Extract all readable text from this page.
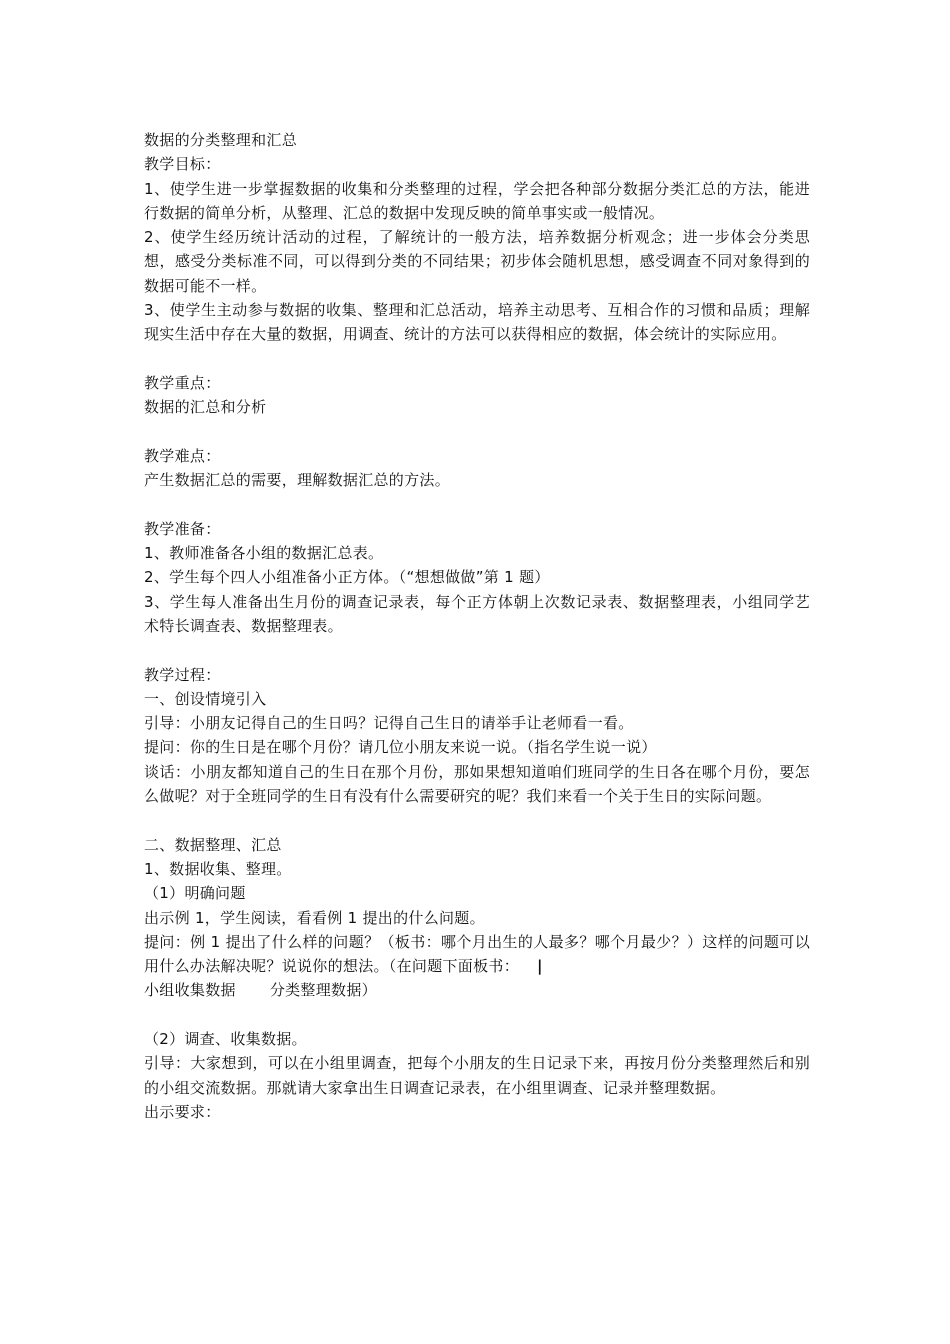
数据的分类整理和汇总

教学目标：

1、使学生进一步掌握数据的收集和分类整理的过程，学会把各种部分数据分类汇总的方法，能进行数据的简单分析，从整理、汇总的数据中发现反映的简单事实或一般情况。

2、使学生经历统计活动的过程，了解统计的一般方法，培养数据分析观念；进一步体会分类思想，感受分类标准不同，可以得到分类的不同结果；初步体会随机思想，感受调查不同对象得到的数据可能不一样。

3、使学生主动参与数据的收集、整理和汇总活动，培养主动思考、互相合作的习惯和品质；理解现实生活中存在大量的数据，用调查、统计的方法可以获得相应的数据，体会统计的实际应用。

教学重点：

数据的汇总和分析

教学难点：

产生数据汇总的需要，理解数据汇总的方法。

教学准备：

1、教师准备各小组的数据汇总表。

2、学生每个四人小组准备小正方体。（“想想做做”第 1 题）

3、学生每人准备出生月份的调查记录表，每个正方体朝上次数记录表、数据整理表，小组同学艺术特长调查表、数据整理表。

教学过程：

一、创设情境引入

引导：小朋友记得自己的生日吗？记得自己生日的请举手让老师看一看。

提问：你的生日是在哪个月份？请几位小朋友来说一说。（指名学生说一说）

谈话：小朋友都知道自己的生日在那个月份，那如果想知道咱们班同学的生日各在哪个月份，要怎么做呢？对于全班同学的生日有没有什么需要研究的呢？我们来看一个关于生日的实际问题。

二、数据整理、汇总

1、数据收集、整理。

（1）明确问题

出示例 1，学生阅读，看看例 1 提出的什么问题。

提问：例 1 提出了什么样的问题？（板书：哪个月出生的人最多？哪个月最少？）这样的问题可以用什么办法解决呢？说说你的想法。（在问题下面板书： |

小组收集数据 分类整理数据）

（2）调查、收集数据。

引导：大家想到，可以在小组里调查，把每个小朋友的生日记录下来，再按月份分类整理然后和别的小组交流数据。那就请大家拿出生日调查记录表，在小组里调查、记录并整理数据。

出示要求：
